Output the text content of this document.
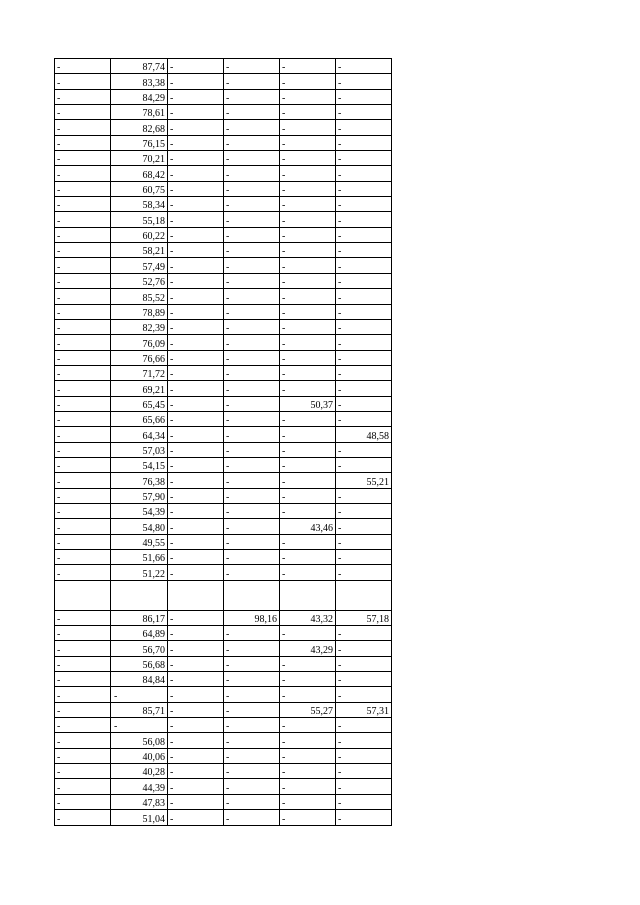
-	87,74	-	-	-	-
-	83,38	-	-	-	-
-	84,29	-	-	-	-
-	78,61	-	-	-	-
-	82,68	-	-	-	-
-	76,15	-	-	-	-
-	70,21	-	-	-	-
-	68,42	-	-	-	-
-	60,75	-	-	-	-
-	58,34	-	-	-	-
-	55,18	-	-	-	-
-	60,22	-	-	-	-
-	58,21	-	-	-	-
-	57,49	-	-	-	-
-	52,76	-	-	-	-
-	85,52	-	-	-	-
-	78,89	-	-	-	-
-	82,39	-	-	-	-
-	76,09	-	-	-	-
-	76,66	-	-	-	-
-	71,72	-	-	-	-
-	69,21	-	-	-	-
-	65,45	-	-	50,37	-
-	65,66	-	-	-	-
-	64,34	-	-	-	48,58
-	57,03	-	-	-	-
-	54,15	-	-	-	-
-	76,38	-	-	-	55,21
-	57,90	-	-	-	-
-	54,39	-	-	-	-
-	54,80	-	-	43,46	-
-	49,55	-	-	-	-
-	51,66	-	-	-	-
-	51,22	-	-	-	-

-	86,17	-	98,16	43,32	57,18
-	64,89	-	-	-	-
-	56,70	-	-	43,29	-
-	56,68	-	-	-	-
-	84,84	-	-	-	-
-	-	-	-	-	-
-	85,71	-	-	55,27	57,31
-	-	-	-	-	-
-	56,08	-	-	-	-
-	40,06	-	-	-	-
-	40,28	-	-	-	-
-	44,39	-	-	-	-
-	47,83	-	-	-	-
-	51,04	-	-	-	-
